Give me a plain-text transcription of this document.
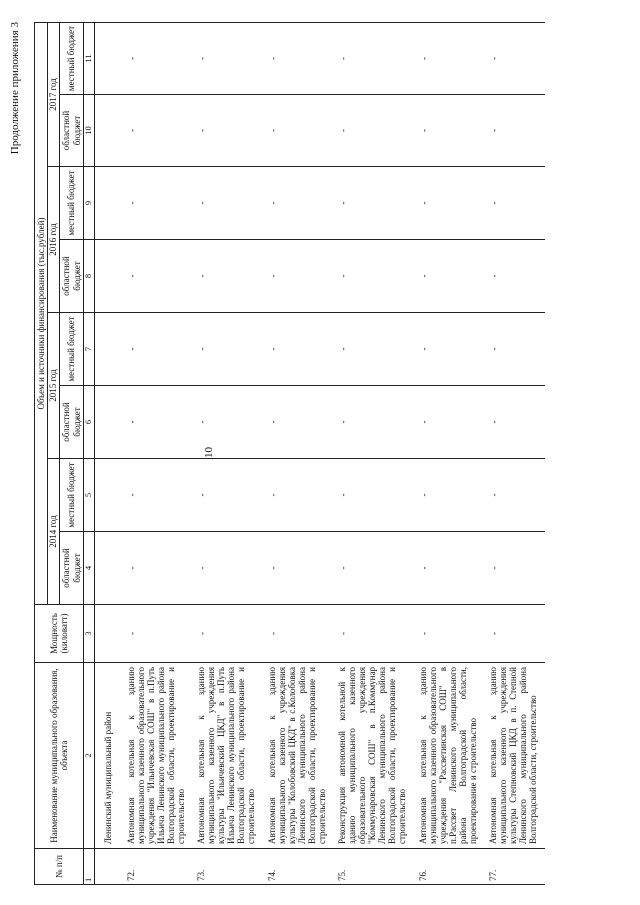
10
Продолжение приложения 3
№ п/п	Наименование муниципального образования, объекта	Мощность (киловатт)	Объем и источники финансирования (тыс.рублей)							
			2014 год		2015 год		2016 год		2017 год	
			областной бюджет	местный бюджет	областной бюджет	местный бюджет	областной бюджет	местный бюджет	областной бюджет	местный бюджет
1	2	3	4	5	6	7	8	9	10	11
	Ленинский муниципальный район									
72.	Автономная котельная к зданию муниципального казенного образовательного учреждения "Ильичевская СОШ" в п.Путь Ильича Ленинского муниципального района Волгоградской области, проектирование и строительство	-	-	-	-	-	-	-	-	-
73.	Автономная котельная к зданию муниципального казенного учреждения культуры "Ильичевский ЦКД" в п.Путь Ильича Ленинского муниципального района Волгоградской области, проектирование и строительство	-	-	-	-	-	-	-	-	-
74.	Автономная котельная к зданию муниципального казенного учреждения культуры "Колобовский ЦКД" в с.Колобовка Ленинского муниципального района Волгоградской области, проектирование и строительство	-	-	-	-	-	-	-	-	-
75.	Реконструкция автономной котельной к зданию муниципального казенного образовательного учреждения "Коммунаровская СОШ" в п.Коммунар Ленинского муниципального района Волгоградской области, проектирование и строительство	-	-	-	-	-	-	-	-	-
76.	Автономная котельная к зданию муниципального казенного образовательного учреждения "Рассветинская СОШ" в п.Рассвет Ленинского муниципального района Волгоградской области, проектирование и строительство	-	-	-	-	-	-	-	-	-
77.	Автономная котельная к зданию муниципального казенного учреждения культуры Степновский ЦКД в п. Степной Ленинского муниципального района Волгоградской области, строительство	-	-	-	-	-	-	-	-	-
